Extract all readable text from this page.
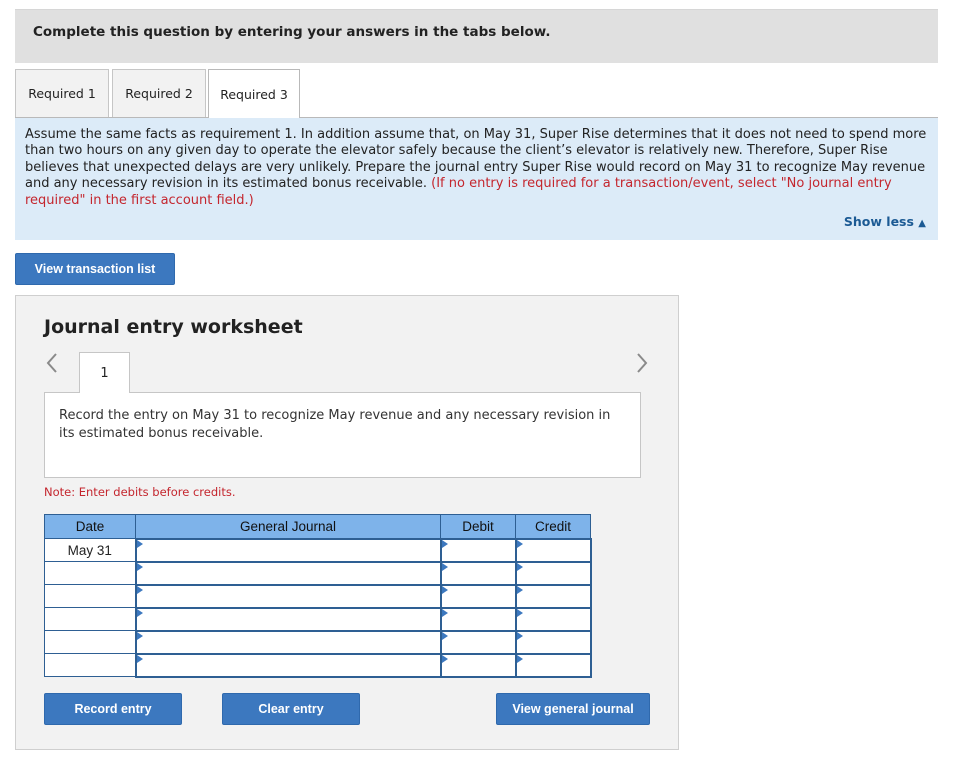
Complete this question by entering your answers in the tabs below.
Required 1	Required 2	Required 3
Assume the same facts as requirement 1. In addition assume that, on May 31, Super Rise determines that it does not need to spend more than two hours on any given day to operate the elevator safely because the client’s elevator is relatively new. Therefore, Super Rise believes that unexpected delays are very unlikely. Prepare the journal entry Super Rise would record on May 31 to recognize May revenue and any necessary revision in its estimated bonus receivable. (If no entry is required for a transaction/event, select "No journal entry required" in the first account field.)
Show less ▲
View transaction list
Journal entry worksheet
1
Record the entry on May 31 to recognize May revenue and any necessary revision in its estimated bonus receivable.
Note: Enter debits before credits.
Date	General Journal	Debit	Credit
May 31	

Record entry	Clear entry	View general journal
